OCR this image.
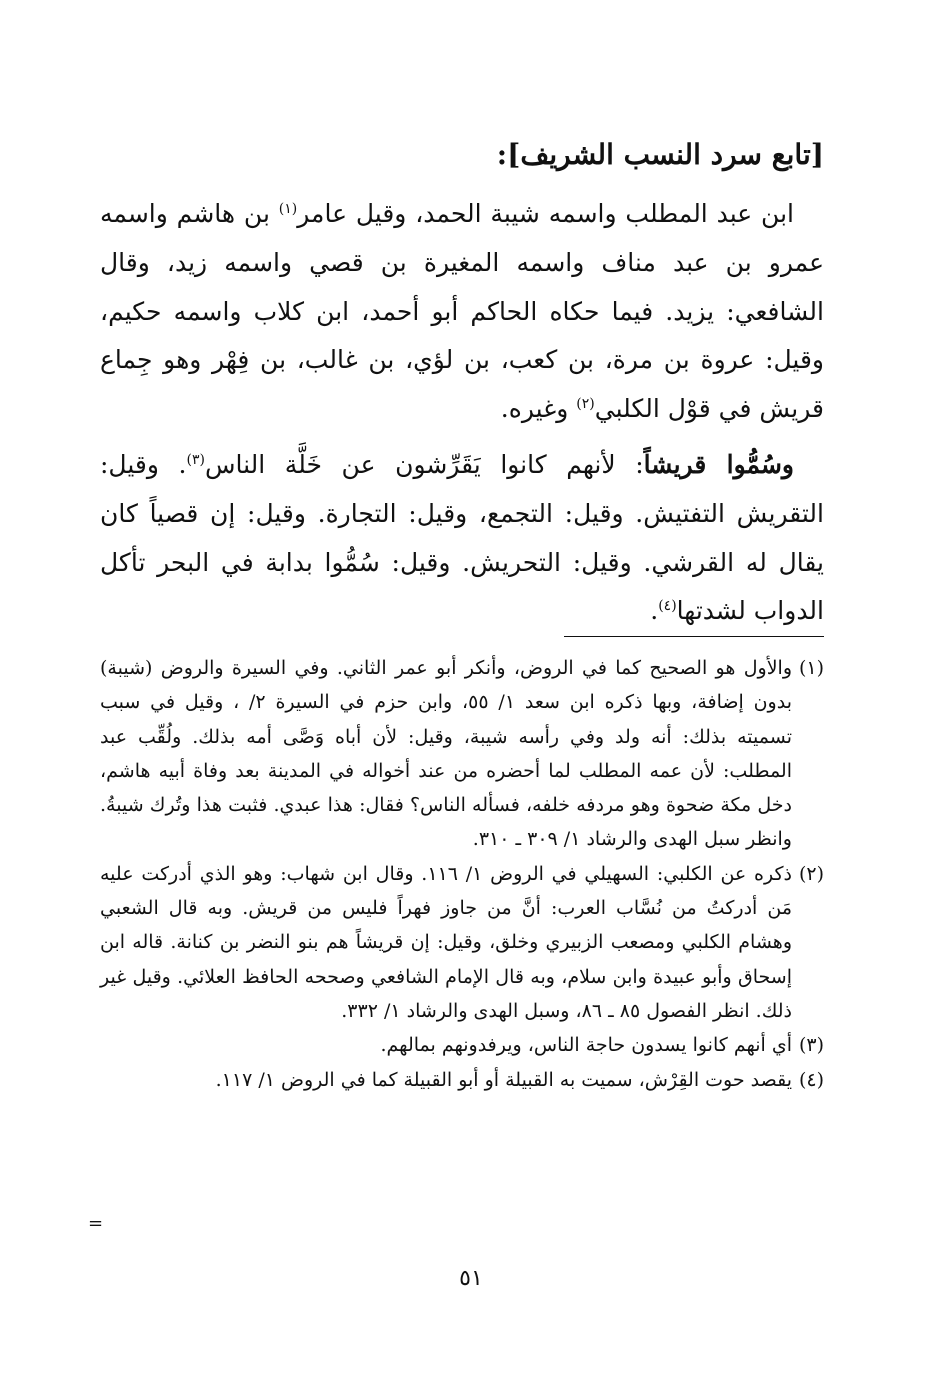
[تابع سرد النسب الشريف]:

ابن عبد المطلب واسمه شيبة الحمد، وقيل عامر$^{(١)}$ بن هاشم واسمه عمرو بن عبد مناف واسمه المغيرة بن قصي واسمه زيد، وقال الشافعي: يزيد. فيما حكاه الحاكم أبو أحمد، ابن كلاب واسمه حكيم، وقيل: عروة بن مرة، بن كعب، بن لؤي، بن غالب، بن فِهْر وهو جِماع قريش في قوْل الكلبي$^{(٢)}$ وغيره.

وسُمُّوا قريشاً: لأنهم كانوا يَقَرِّشون عن خَلَّة الناس$^{(٣)}$. وقيل: التقريش التفتيش. وقيل: التجمع، وقيل: التجارة. وقيل: إن قصياً كان يقال له القرشي. وقيل: التحريش. وقيل: سُمُّوا بدابة في البحر تأكل الدواب لشدتها$^{(٤)}$.

(١)
والأول هو الصحيح كما في الروض، وأنكر أبو عمر الثاني. وفي السيرة والروض (شيبة) بدون إضافة، وبها ذكره ابن سعد ١/ ٥٥، وابن حزم في السيرة ٢/ ، وقيل في سبب تسميته بذلك: أنه ولد وفي رأسه شيبة، وقيل: لأن أباه وَصَّى أمه بذلك. ولُقِّب عبد المطلب: لأن عمه المطلب لما أحضره من عند أخواله في المدينة بعد وفاة أبيه هاشم، دخل مكة ضحوة وهو مردفه خلفه، فسأله الناس؟ فقال: هذا عبدي. فثبت هذا وتُرك شيبةُ. وانظر سبل الهدى والرشاد ١/ ٣٠٩ ـ ٣١٠.
(٢)
ذكره عن الكلبي: السهيلي في الروض ١/ ١١٦. وقال ابن شهاب: وهو الذي أدركت عليه مَن أدركتُ من نُسَّاب العرب: أنَّ من جاوز فهراً فليس من قريش. وبه قال الشعبي وهشام الكلبي ومصعب الزبيري وخلق، وقيل: إن قريشاً هم بنو النضر بن كنانة. قاله ابن إسحاق وأبو عبيدة وابن سلام، وبه قال الإمام الشافعي وصححه الحافظ العلائي. وقيل غير ذلك. انظر الفصول ٨٥ ـ ٨٦، وسبل الهدى والرشاد ١/ ٣٣٢.
(٣)
أي أنهم كانوا يسدون حاجة الناس، ويرفدونهم بمالهم.
(٤)
يقصد حوت القِرْش، سميت به القبيلة أو أبو القبيلة كما في الروض ١/ ١١٧.
=
٥١
